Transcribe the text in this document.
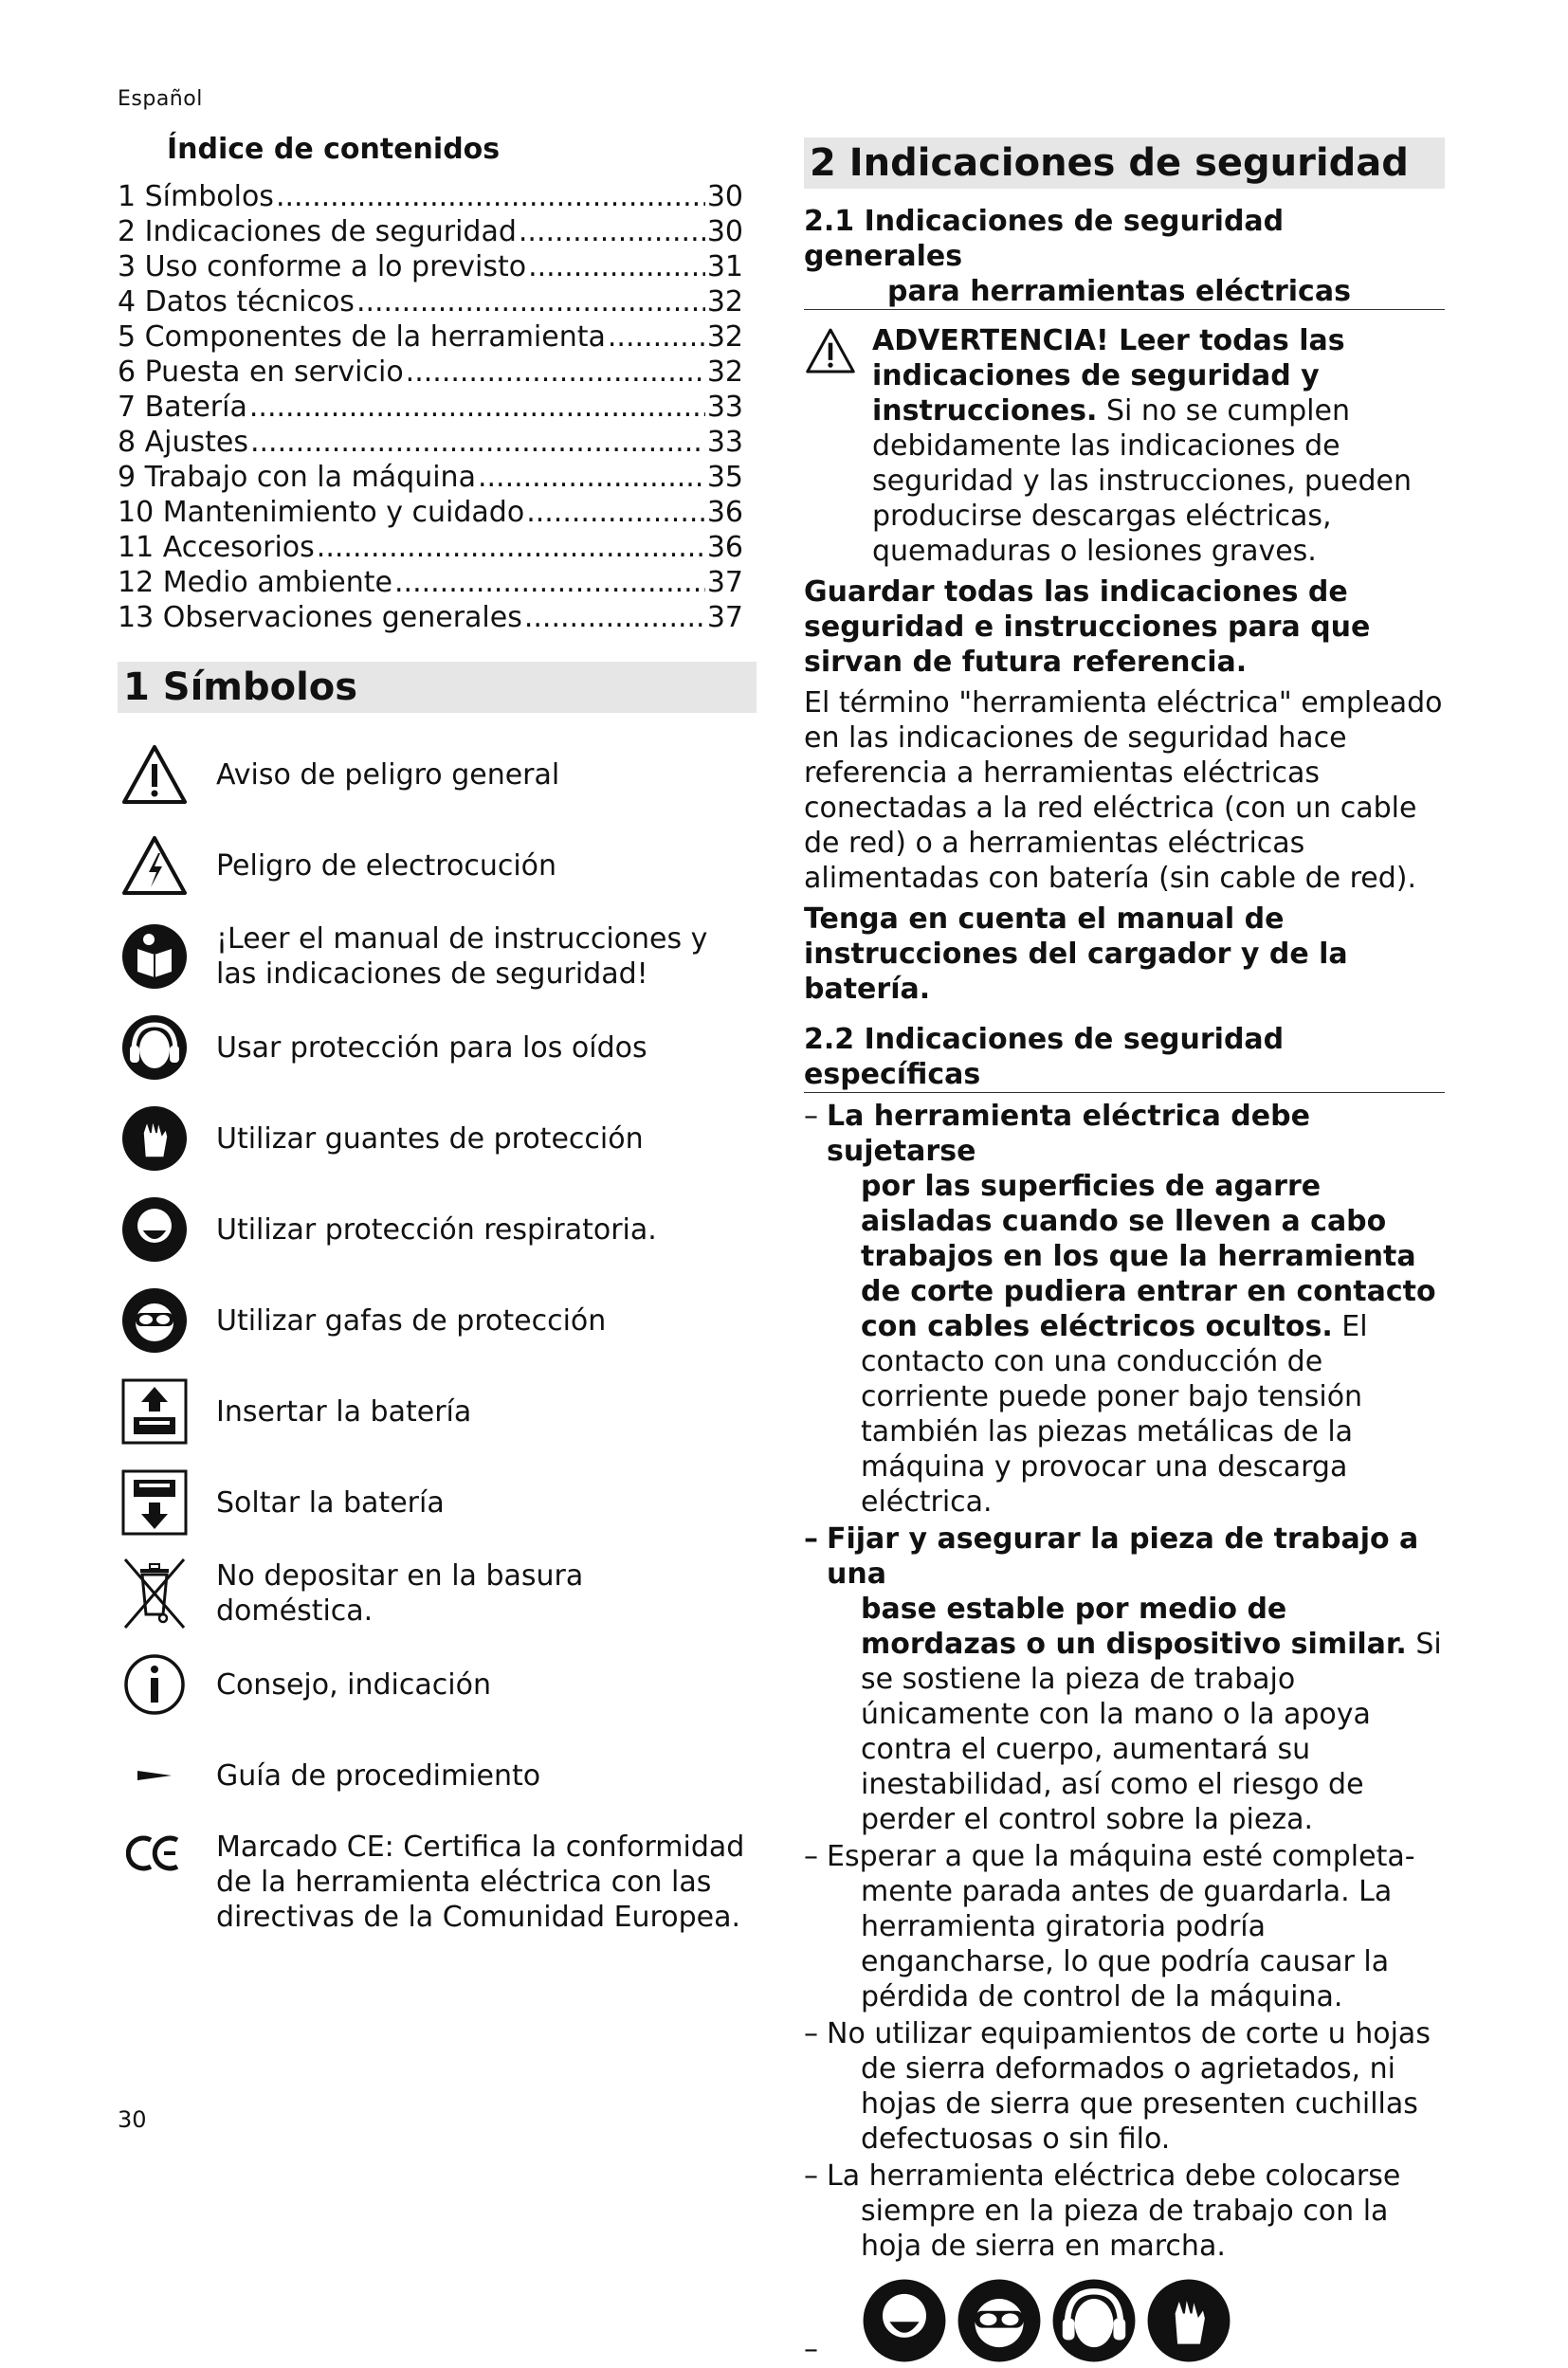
Español
Índice de contenidos
1 Símbolos .....	30
2 Indicaciones de seguridad .....	30
3 Uso conforme a lo previsto .....	31
4 Datos técnicos .....	32
5 Componentes de la herramienta .....	32
6 Puesta en servicio .....	32
7 Batería .....	33
8 Ajustes .....	33
9 Trabajo con la máquina .....	35
10 Mantenimiento y cuidado .....	36
11 Accesorios .....	36
12 Medio ambiente .....	37
13 Observaciones generales .....	37
1 Símbolos
Aviso de peligro general
Peligro de electrocución
¡Leer el manual de instrucciones y las indicaciones de seguridad!
Usar protección para los oídos
Utilizar guantes de protección
Utilizar protección respiratoria.
Utilizar gafas de protección
Insertar la batería
Soltar la batería
No depositar en la basura doméstica.
Consejo, indicación
Guía de procedimiento
Marcado CE: Certifica la conformidad de la herramienta eléctrica con las directivas de la Comunidad Europea.
2 Indicaciones de seguridad
2.1 Indicaciones de seguridad generales
para herramientas eléctricas
ADVERTENCIA! Leer todas las indicaciones de seguridad y instrucciones. Si no se cumplen debidamente las indicaciones de seguridad y las instrucciones, pueden producirse descargas eléctricas, quemaduras o lesiones graves.
Guardar todas las indicaciones de seguridad e instrucciones para que sirvan de futura referencia.
El término "herramienta eléctrica" empleado en las indicaciones de seguridad hace referencia a herramientas eléctricas conectadas a la red eléctrica (con un cable de red) o a herramientas eléctricas alimentadas con batería (sin cable de red).
Tenga en cuenta el manual de instrucciones del cargador y de la batería.
2.2 Indicaciones de seguridad específicas
– La herramienta eléctrica debe sujetarse
por las superficies de agarre aisladas cuando se lleven a cabo trabajos en los que la herramienta de corte pudiera entrar en contacto con cables eléctricos ocultos. El contacto con una conducción de corriente puede poner bajo tensión también las piezas metálicas de la máquina y provocar una descarga eléctrica.
– Fijar y asegurar la pieza de trabajo a una
base estable por medio de mordazas o un dispositivo similar. Si se sostiene la pieza de trabajo únicamente con la mano o la apoya contra el cuerpo, aumentará su inestabilidad, así como el riesgo de perder el control sobre la pieza.
– Esperar a que la máquina esté completa-
mente parada antes de guardarla. La herramienta giratoria podría engancharse, lo que podría causar la pérdida de control de la máquina.
– No utilizar equipamientos de corte u hojas
de sierra deformados o agrietados, ni hojas de sierra que presenten cuchillas defectuosas o sin filo.
– La herramienta eléctrica debe colocarse
siempre en la pieza de trabajo con la hoja de sierra en marcha.
–
30
